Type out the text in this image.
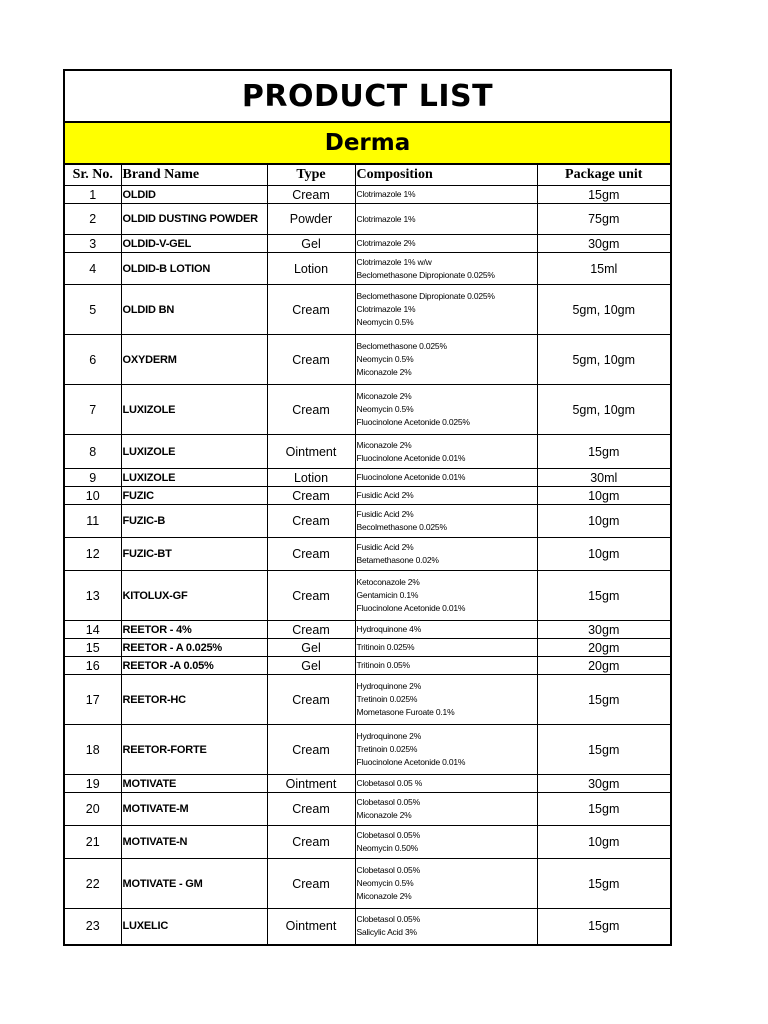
PRODUCT LIST
Derma
Sr. No.	Brand Name	Type	Composition	Package unit
1	OLDID	Cream	Clotrimazole 1%	15gm
2	OLDID DUSTING POWDER	Powder	Clotrimazole 1%	75gm
3	OLDID-V-GEL	Gel	Clotrimazole 2%	30gm
4	OLDID-B LOTION	Lotion	Clotrimazole 1% w/w
Beclomethasone Dipropionate 0.025%	15ml
5	OLDID BN	Cream	Beclomethasone Dipropionate 0.025%
Clotrimazole 1%
Neomycin 0.5%	5gm, 10gm
6	OXYDERM	Cream	Beclomethasone 0.025%
Neomycin 0.5%
Miconazole 2%	5gm, 10gm
7	LUXIZOLE	Cream	Miconazole 2%
Neomycin 0.5%
Fluocinolone Acetonide 0.025%	5gm, 10gm
8	LUXIZOLE	Ointment	Miconazole 2%
Fluocinolone Acetonide 0.01%	15gm
9	LUXIZOLE	Lotion	Fluocinolone Acetonide 0.01%	30ml
10	FUZIC	Cream	Fusidic Acid 2%	10gm
11	FUZIC-B	Cream	Fusidic Acid 2%
Becolmethasone 0.025%	10gm
12	FUZIC-BT	Cream	Fusidic Acid 2%
Betamethasone 0.02%	10gm
13	KITOLUX-GF	Cream	Ketoconazole 2%
Gentamicin 0.1%
Fluocinolone Acetonide 0.01%	15gm
14	REETOR - 4%	Cream	Hydroquinone 4%	30gm
15	REETOR - A 0.025%	Gel	Tritinoin 0.025%	20gm
16	REETOR -A 0.05%	Gel	Tritinoin 0.05%	20gm
17	REETOR-HC	Cream	Hydroquinone 2%
Tretinoin 0.025%
Mometasone Furoate 0.1%	15gm
18	REETOR-FORTE	Cream	Hydroquinone 2%
Tretinoin 0.025%
Fluocinolone Acetonide 0.01%	15gm
19	MOTIVATE	Ointment	Clobetasol 0.05 %	30gm
20	MOTIVATE-M	Cream	Clobetasol 0.05%
Miconazole 2%	15gm
21	MOTIVATE-N	Cream	Clobetasol 0.05%
Neomycin 0.50%	10gm
22	MOTIVATE - GM	Cream	Clobetasol 0.05%
Neomycin 0.5%
Miconazole 2%	15gm
23	LUXELIC	Ointment	Clobetasol 0.05%
Salicylic Acid 3%	15gm
